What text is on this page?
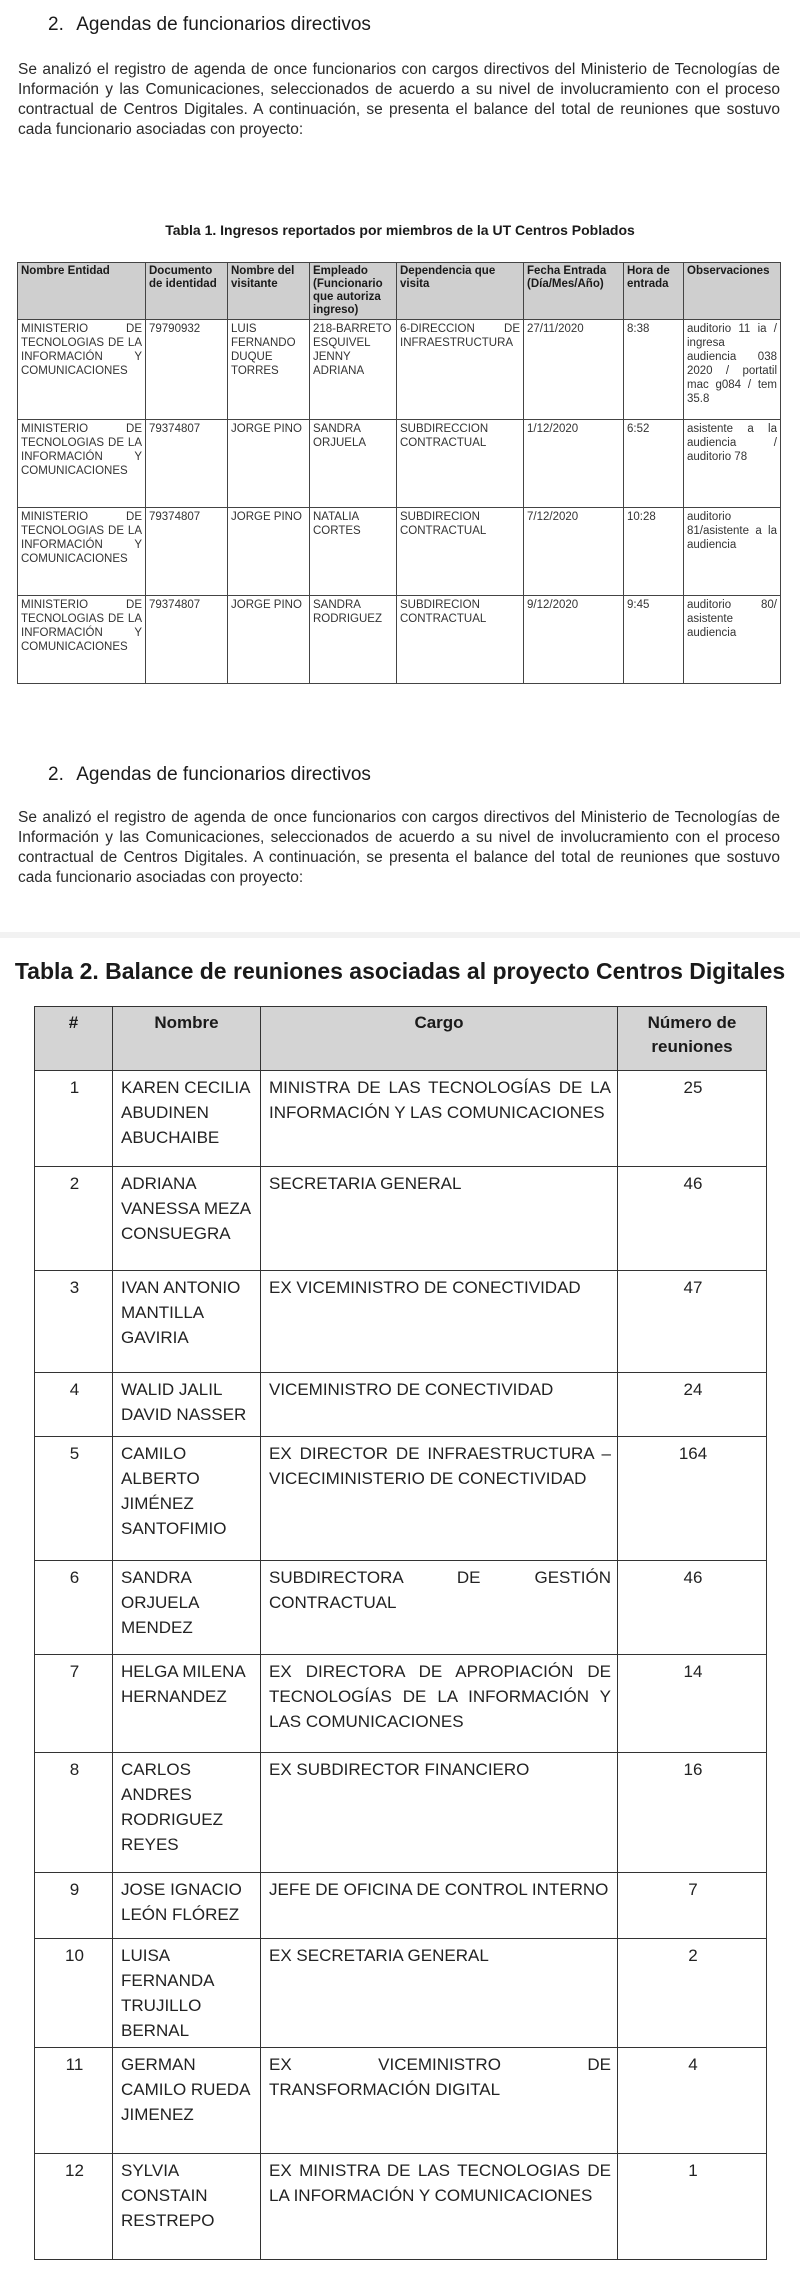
2. Agendas de funcionarios directivos

Se analizó el registro de agenda de once funcionarios con cargos directivos del Ministerio de Tecnologías de Información y las Comunicaciones, seleccionados de acuerdo a su nivel de involucramiento con el proceso contractual de Centros Digitales. A continuación, se presenta el balance del total de reuniones que sostuvo cada funcionario asociadas con proyecto:

Tabla 1. Ingresos reportados por miembros de la UT Centros Poblados
Nombre Entidad	Documento de identidad	Nombre del visitante	Empleado (Funcionario que autoriza ingreso)	Dependencia que visita	Fecha Entrada (Día/Mes/Año)	Hora de entrada	Observaciones
MINISTERIO DE TECNOLOGIAS DE LA INFORMACIÓN Y COMUNICACIONES	79790932	LUIS FERNANDO DUQUE TORRES	218-BARRETO ESQUIVEL JENNY ADRIANA	6-DIRECCION DE INFRAESTRUCTURA	27/11/2020	8:38	auditorio 11 ia / ingresa audiencia 038 2020 / portatil mac g084 / tem 35.8
MINISTERIO DE TECNOLOGIAS DE LA INFORMACIÓN Y COMUNICACIONES	79374807	JORGE PINO	SANDRA ORJUELA	SUBDIRECCION CONTRACTUAL	1/12/2020	6:52	asistente a la audiencia / auditorio 78
MINISTERIO DE TECNOLOGIAS DE LA INFORMACIÓN Y COMUNICACIONES	79374807	JORGE PINO	NATALIA CORTES	SUBDIRECION CONTRACTUAL	7/12/2020	10:28	auditorio 81/asistente a la audiencia
MINISTERIO DE TECNOLOGIAS DE LA INFORMACIÓN Y COMUNICACIONES	79374807	JORGE PINO	SANDRA RODRIGUEZ	SUBDIRECION CONTRACTUAL	9/12/2020	9:45	auditorio 80/ asistente audiencia
2. Agendas de funcionarios directivos

Se analizó el registro de agenda de once funcionarios con cargos directivos del Ministerio de Tecnologías de Información y las Comunicaciones, seleccionados de acuerdo a su nivel de involucramiento con el proceso contractual de Centros Digitales. A continuación, se presenta el balance del total de reuniones que sostuvo cada funcionario asociadas con proyecto:

Tabla 2. Balance de reuniones asociadas al proyecto Centros Digitales
#	Nombre	Cargo	Número de reuniones
1	KAREN CECILIA ABUDINEN ABUCHAIBE	MINISTRA DE LAS TECNOLOGÍAS DE LA INFORMACIÓN Y LAS COMUNICACIONES	25
2	ADRIANA VANESSA MEZA CONSUEGRA	SECRETARIA GENERAL	46
3	IVAN ANTONIO MANTILLA GAVIRIA	EX VICEMINISTRO DE CONECTIVIDAD	47
4	WALID JALIL DAVID NASSER	VICEMINISTRO DE CONECTIVIDAD	24
5	CAMILO ALBERTO JIMÉNEZ SANTOFIMIO	EX DIRECTOR DE INFRAESTRUCTURA – VICECIMINISTERIO DE CONECTIVIDAD	164
6	SANDRA ORJUELA MENDEZ	SUBDIRECTORA DE GESTIÓN CONTRACTUAL	46
7	HELGA MILENA HERNANDEZ	EX DIRECTORA DE APROPIACIÓN DE TECNOLOGÍAS DE LA INFORMACIÓN Y LAS COMUNICACIONES	14
8	CARLOS ANDRES RODRIGUEZ REYES	EX SUBDIRECTOR FINANCIERO	16
9	JOSE IGNACIO LEÓN FLÓREZ	JEFE DE OFICINA DE CONTROL INTERNO	7
10	LUISA FERNANDA TRUJILLO BERNAL	EX SECRETARIA GENERAL	2
11	GERMAN CAMILO RUEDA JIMENEZ	EX VICEMINISTRO DE TRANSFORMACIÓN DIGITAL	4
12	SYLVIA CONSTAIN RESTREPO	EX MINISTRA DE LAS TECNOLOGIAS DE LA INFORMACIÓN Y COMUNICACIONES	1
